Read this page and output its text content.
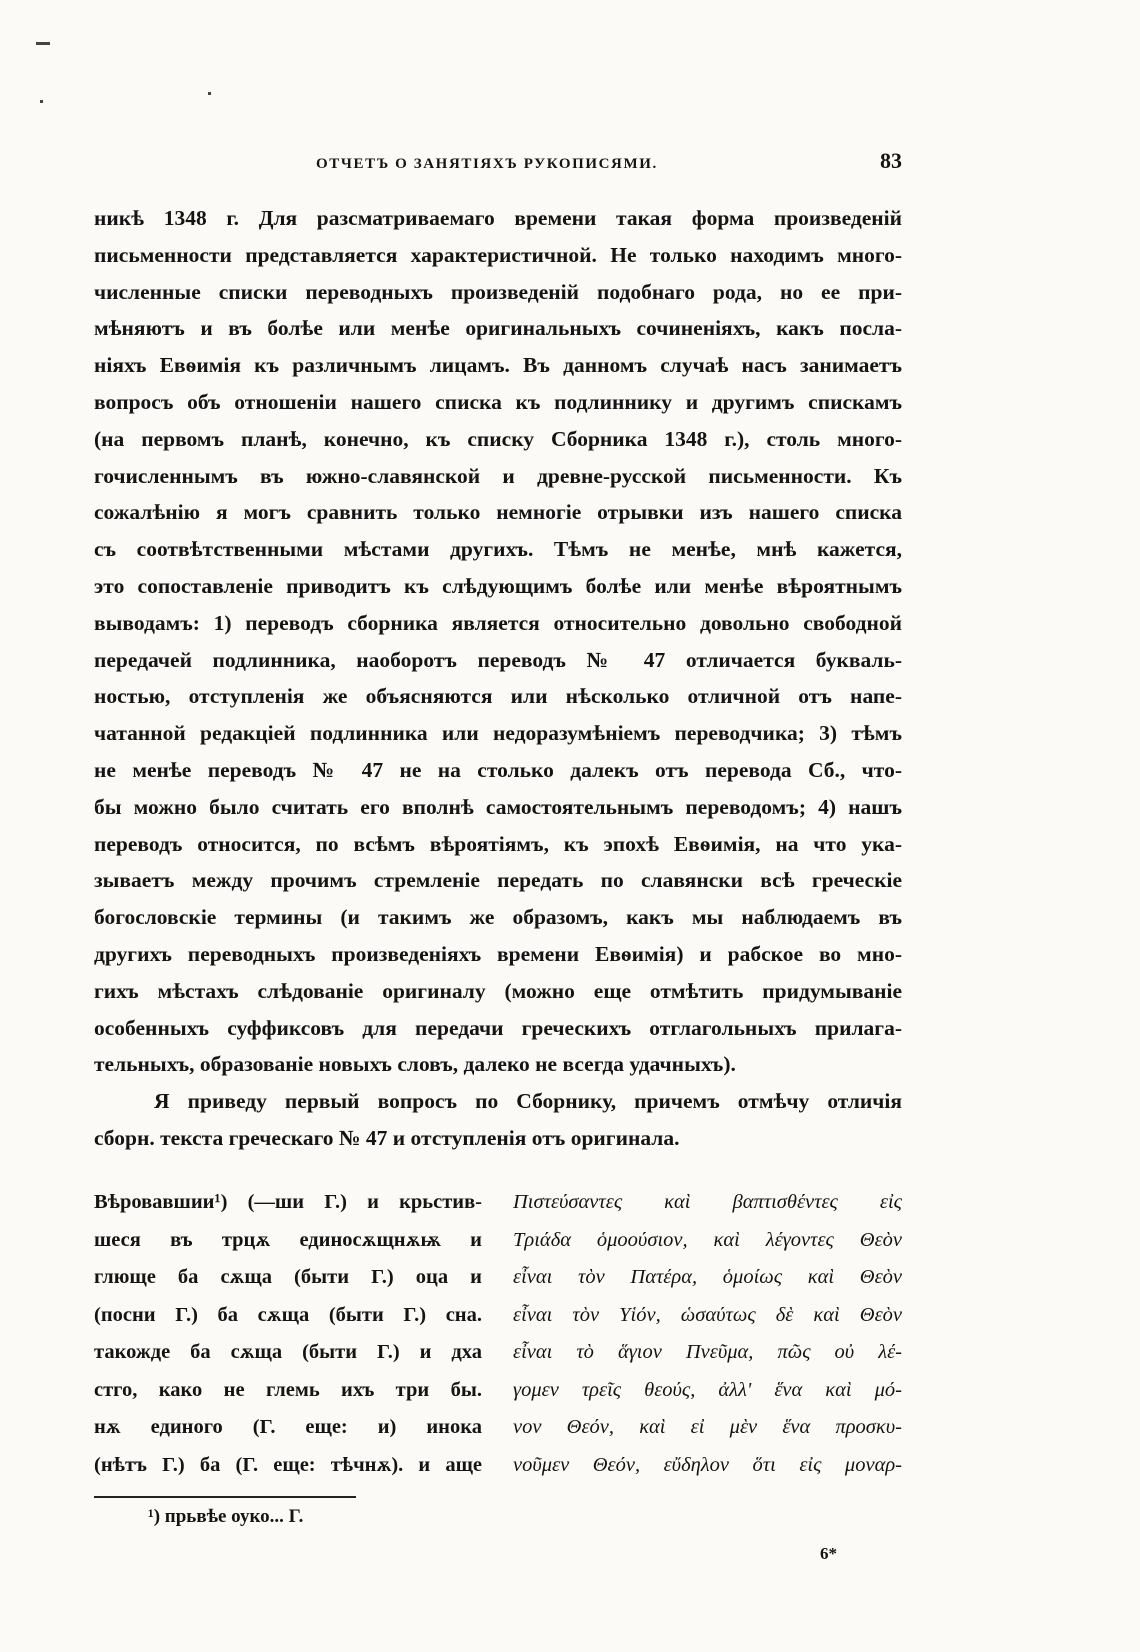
ОТЧЕТЪ О ЗАНЯТІЯХЪ РУКОПИСЯМИ.	83

никѣ 1348 г. Для разсматриваемаго времени такая форма произведеній

письменности представляется характеристичной. Не только находимъ много-

численные списки переводныхъ произведеній подобнаго рода, но ее при-

мѣняютъ и въ болѣе или менѣе оригинальныхъ сочиненіяхъ, какъ посла-

ніяхъ Евѳимія къ различнымъ лицамъ. Въ данномъ случаѣ насъ занимаетъ

вопросъ объ отношеніи нашего списка къ подлиннику и другимъ спискамъ

(на первомъ планѣ, конечно, къ списку Сборника 1348 г.), столь много-

гочисленнымъ въ южно-славянской и древне-русской письменности. Къ

сожалѣнію я могъ сравнить только немногіе отрывки изъ нашего списка

съ соотвѣтственными мѣстами другихъ. Тѣмъ не менѣе, мнѣ кажется,

это сопоставленіе приводитъ къ слѣдующимъ болѣе или менѣе вѣроятнымъ

выводамъ: 1) переводъ сборника является относительно довольно свободной

передачей подлинника, наоборотъ переводъ № 47 отличается букваль-

ностью, отступленія же объясняются или нѣсколько отличной отъ напе-

чатанной редакціей подлинника или недоразумѣніемъ переводчика; 3) тѣмъ

не менѣе переводъ № 47 не на столько далекъ отъ перевода Сб., что-

бы можно было считать его вполнѣ самостоятельнымъ переводомъ; 4) нашъ

переводъ относится, по всѣмъ вѣроятіямъ, къ эпохѣ Евѳимія, на что ука-

зываетъ между прочимъ стремленіе передать по славянски всѣ греческіе

богословскіе термины (и такимъ же образомъ, какъ мы наблюдаемъ въ

другихъ переводныхъ произведеніяхъ времени Евѳимія) и рабское во мно-

гихъ мѣстахъ слѣдованіе оригиналу (можно еще отмѣтить придумываніе

особенныхъ суффиксовъ для передачи греческихъ отглагольныхъ прилага-

тельныхъ, образованіе новыхъ словъ, далеко не всегда удачныхъ).

Я приведу первый вопросъ по Сборнику, причемъ отмѣчу отличія

сборн. текста греческаго № 47 и отступленія отъ оригинала.

Вѣровавшии¹) (—ши Г.) и крьстив-

шеся въ трцѫ единосѫщнѫѭ и

глюще ба сѫща (быти Г.) оца и

(посни Г.) ба сѫща (быти Г.) сна.

такожде ба сѫща (быти Г.) и дха

стго, како не глемь ихъ три бы.

нѫ единого (Г. еще: и) инока

(нѣтъ Г.) ба (Г. еще: тѣчнѫ). и аще

Πιστεύσαντες καὶ βαπτισθέντες εἰς

Τριάδα ὁμοούσιον, καὶ λέγοντες Θεὸν

εἶναι τὸν Πατέρα, ὁμοίως καὶ Θεὸν

εἶναι τὸν Υἱόν, ὡσαύτως δὲ καὶ Θεὸν

εἶναι τὸ ἅγιον Πνεῦμα, πῶς οὐ λέ-

γομεν τρεῖς θεούς, ἀλλ' ἕνα καὶ μό-

νον Θεόν, καὶ εἰ μὲν ἕνα προσκυ-

νοῦμεν Θεόν, εὔδηλον ὅτι εἰς μοναρ-

¹) прьвѣе оуко... Г.
6*
